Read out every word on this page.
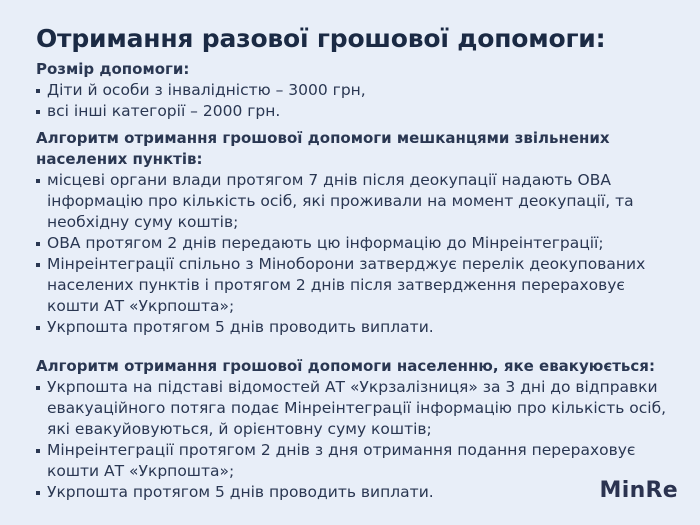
Отримання разової грошової допомоги:

Розмір допомоги:

Діти й особи з інвалідністю – 3000 грн,
всі інші категорії – 2000 грн.

Алгоритм отримання грошової допомоги мешканцями звільнених населених пунктів:

місцеві органи влади протягом 7 днів після деокупації надають ОВА інформацію про кількість осіб, які проживали на момент деокупації, та необхідну суму коштів;
ОВА протягом 2 днів передають цю інформацію до Мінреінтеграції;
Мінреінтеграції спільно з Міноборони затверджує перелік деокупованих населених пунктів і протягом 2 днів після затвердження перераховує кошти АТ «Укрпошта»;
Укрпошта протягом 5 днів проводить виплати.

Алгоритм отримання грошової допомоги населенню, яке евакуюється:

Укрпошта на підставі відомостей АТ «Укрзалізниця» за 3 дні до відправки евакуаційного потяга подає Мінреінтеграції інформацію про кількість осіб, які евакуйовуються, й орієнтовну суму коштів;
Мінреінтеграції протягом 2 днів з дня отримання подання перераховує кошти АТ «Укрпошта»;
Укрпошта протягом 5 днів проводить виплати.	MinRe
